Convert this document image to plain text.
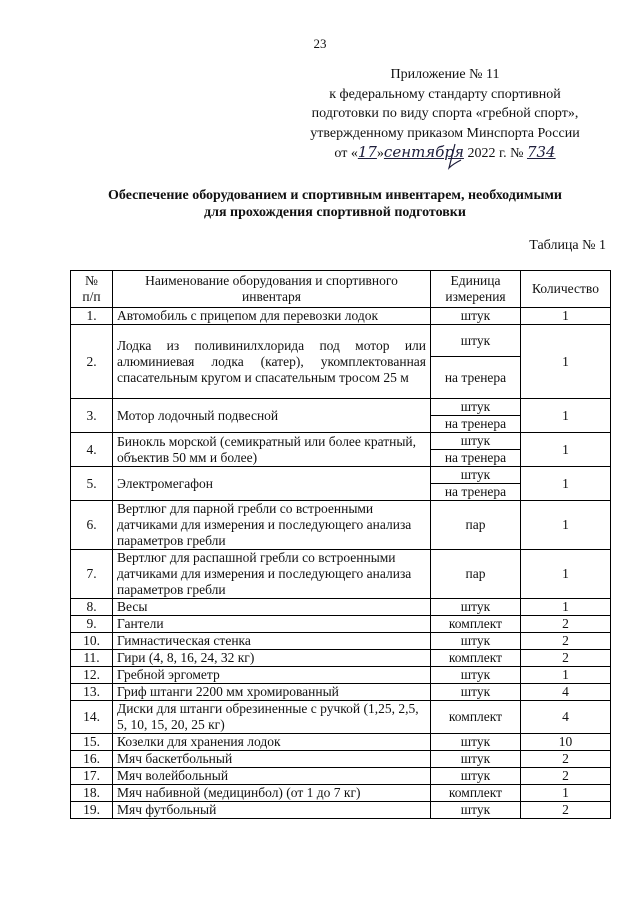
23
Приложение № 11
к федеральному стандарту спортивной
подготовки по виду спорта «гребной спорт»,
утвержденному приказом Минспорта России
от «17»сентября 2022 г. № 734
Обеспечение оборудованием и спортивным инвентарем, необходимыми
для прохождения спортивной подготовки
Таблица № 1
№
п/п	Наименование оборудования и спортивного инвентаря	Единица измерения	Количество
1.	Автомобиль с прицепом для перевозки лодок	штук	1
2.	Лодка из поливинилхлорида под мотор или алюминиевая лодка (катер), укомплектованная спасательным кругом и спасательным тросом 25 м	штук	1
		на тренера	
3.	Мотор лодочный подвесной	штук	1
		на тренера	
4.	Бинокль морской (семикратный или более кратный, объектив 50 мм и более)	штук	1
		на тренера	
5.	Электромегафон	штук	1
		на тренера	
6.	Вертлюг для парной гребли со встроенными датчиками для измерения и последующего анализа параметров гребли	пар	1
7.	Вертлюг для распашной гребли со встроенными датчиками для измерения и последующего анализа параметров гребли	пар	1
8.	Весы	штук	1
9.	Гантели	комплект	2
10.	Гимнастическая стенка	штук	2
11.	Гири (4, 8, 16, 24, 32 кг)	комплект	2
12.	Гребной эргометр	штук	1
13.	Гриф штанги 2200 мм хромированный	штук	4
14.	Диски для штанги обрезиненные с ручкой (1,25, 2,5, 5, 10, 15, 20, 25 кг)	комплект	4
15.	Козелки для хранения лодок	штук	10
16.	Мяч баскетбольный	штук	2
17.	Мяч волейбольный	штук	2
18.	Мяч набивной (медицинбол) (от 1 до 7 кг)	комплект	1
19.	Мяч футбольный	штук	2
